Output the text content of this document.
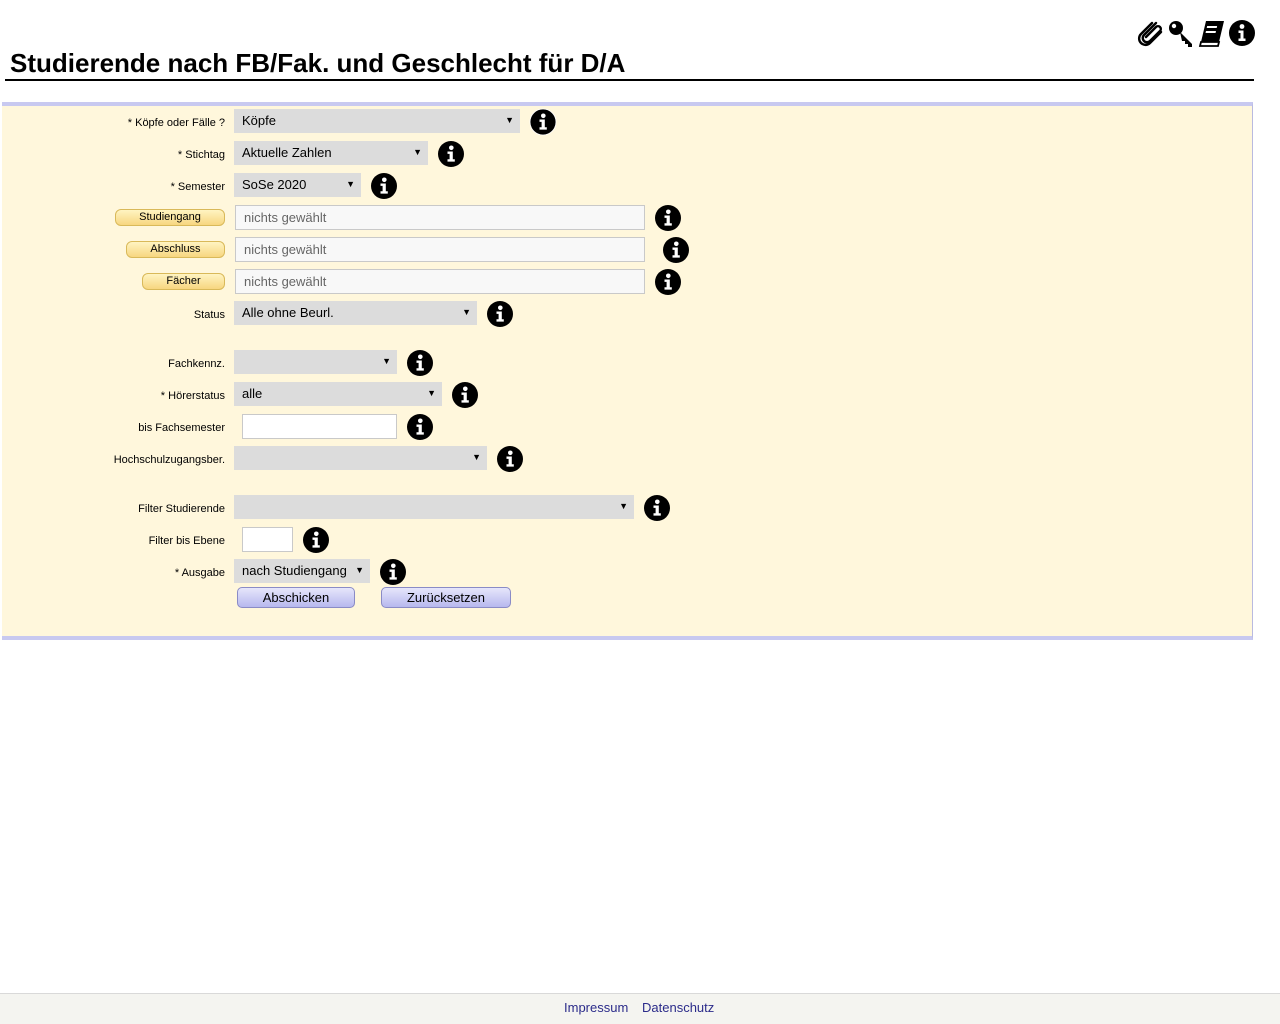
Studierende nach FB/Fak. und Geschlecht für D/A
* Köpfe oder Fälle ?	Köpfe	▼
* Stichtag	Aktuelle Zahlen	▼
* Semester	SoSe 2020	▼
Studiengang	nichts gewählt
Abschluss	nichts gewählt
Fächer	nichts gewählt
Status	Alle ohne Beurl.	▼
Fachkennz.	▼
* Hörerstatus	alle	▼
bis Fachsemester
Hochschulzugangsber.	▼
Filter Studierende	▼
Filter bis Ebene
* Ausgabe	nach Studiengang ▼
Abschicken	Zurücksetzen
Impressum Datenschutz
